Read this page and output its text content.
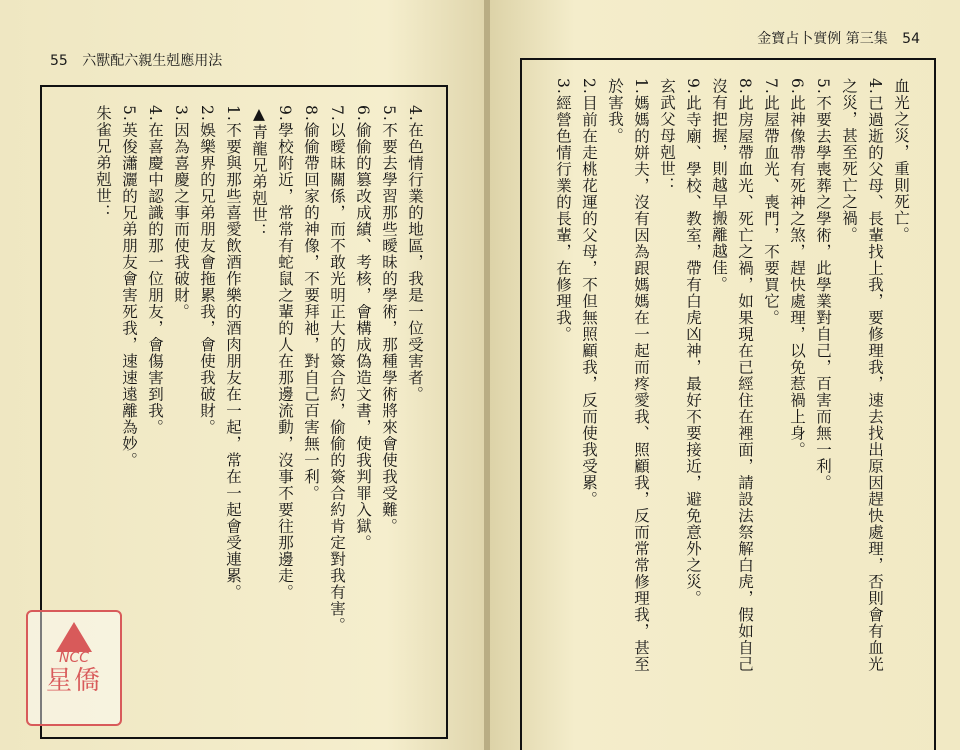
55 六獸配六親生剋應用法

4.在色情行業的地區，我是一位受害者。

5.不要去學習那些曖昧的學術，那種學術將來會使我受難。

6.偷偷的篡改成績、考核，會構成偽造文書，使我判罪入獄。

7.以曖昧關係，而不敢光明正大的簽合約，偷偷的簽合約肯定對我有害。

8.偷偷帶回家的神像，不要拜祂，對自己百害無一利。

9.學校附近，常常有蛇鼠之輩的人在那邊流動，沒事不要往那邊走。

▲青龍兄弟剋世：

1.不要與那些喜愛飲酒作樂的酒肉朋友在一起，常在一起會受連累。

2.娛樂界的兄弟朋友會拖累我，會使我破財。

3.因為喜慶之事而使我破財。

4.在喜慶中認識的那一位朋友，會傷害到我。

5.英俊瀟灑的兄弟朋友會害死我，速速遠離為妙。

朱雀兄弟剋世：

金寶占卜實例 第三集 54

血光之災，重則死亡。

4.已過逝的父母、長輩找上我，要修理我，速去找出原因趕快處理，否則會有血光

之災，甚至死亡之禍。

5.不要去學喪葬之學術，此學業對自己，百害而無一利。

6.此神像帶有死神之煞，趕快處理，以免惹禍上身。

7.此屋帶血光、喪門，不要買它。

8.此房屋帶血光、死亡之禍，如果現在已經住在裡面，請設法祭解白虎，假如自己

沒有把握，則越早搬離越佳。

9.此寺廟、學校、教室，帶有白虎凶神，最好不要接近，避免意外之災。

玄武父母剋世：

1.媽媽的姘夫，沒有因為跟媽媽在一起而疼愛我、照顧我，反而常常修理我，甚至

於害我。

2.目前在走桃花運的父母，不但無照顧我，反而使我受累。

3.經營色情行業的長輩，在修理我。

NCC
星僑
